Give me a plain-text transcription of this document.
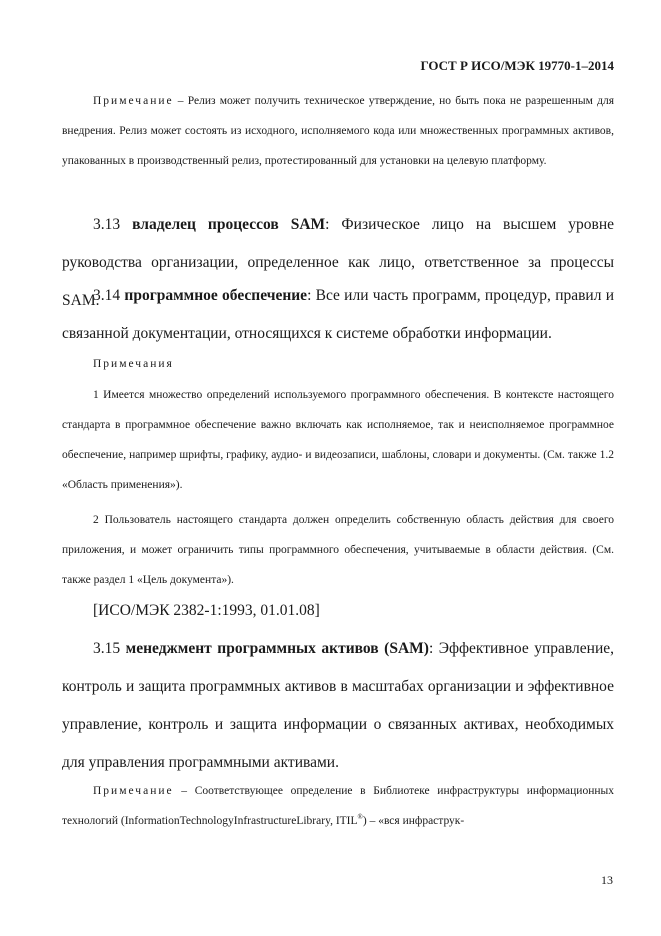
ГОСТ Р ИСО/МЭК 19770-1–2014
Примечание – Релиз может получить техническое утверждение, но быть пока не разрешенным для внедрения. Релиз может состоять из исходного, исполняемого кода или множественных программных активов, упакованных в производственный релиз, протестированный для установки на целевую платформу.
3.13 владелец процессов SAM: Физическое лицо на высшем уровне руководства организации, определенное как лицо, ответственное за процессы SAM.
3.14 программное обеспечение: Все или часть программ, процедур, правил и связанной документации, относящихся к системе обработки информации.
Примечания
1 Имеется множество определений используемого программного обеспечения. В контексте настоящего стандарта в программное обеспечение важно включать как исполняемое, так и неисполняемое программное обеспечение, например шрифты, графику, аудио- и видеозаписи, шаблоны, словари и документы. (См. также 1.2 «Область применения»).
2 Пользователь настоящего стандарта должен определить собственную область действия для своего приложения, и может ограничить типы программного обеспечения, учитываемые в области действия. (См. также раздел 1 «Цель документа»).
[ИСО/МЭК 2382-1:1993, 01.01.08]
3.15 менеджмент программных активов (SAM): Эффективное управление, контроль и защита программных активов в масштабах организации и эффективное управление, контроль и защита информации о связанных активах, необходимых для управления программными активами.
Примечание – Соответствующее определение в Библиотеке инфраструктуры информационных технологий (InformationTechnologyInfrastructureLibrary, ITIL®) – «вся инфраструк-
13
